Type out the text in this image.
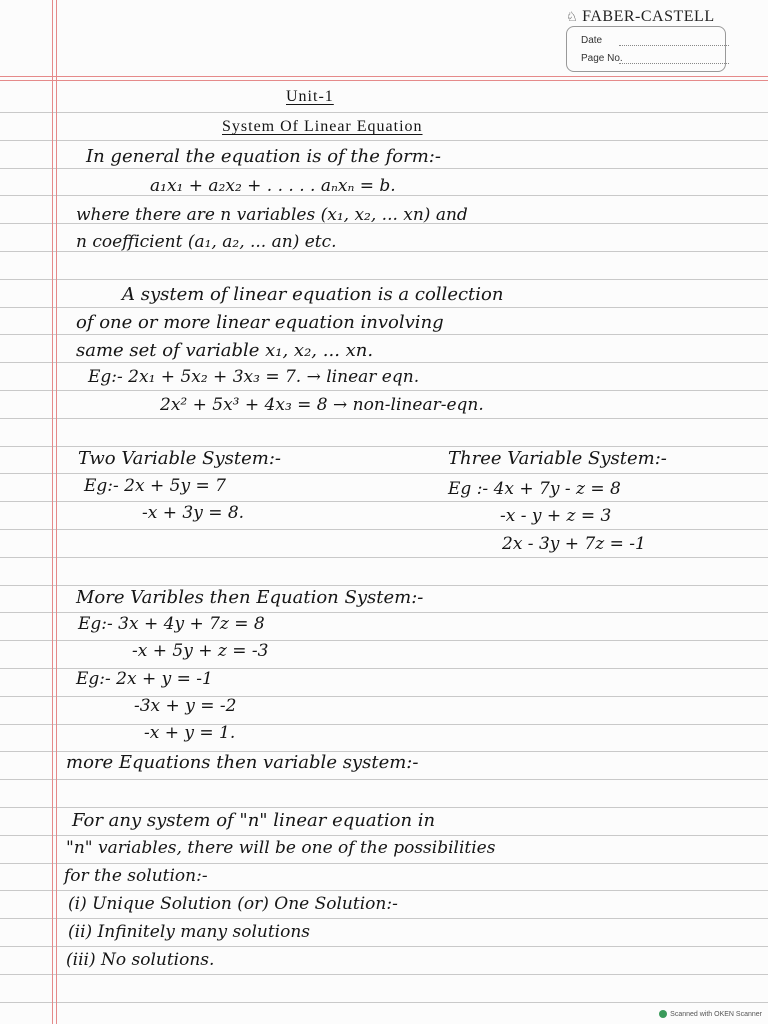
♘ FABER-CASTELL
Date
Page No.
Unit-1
System Of Linear Equation
In general the equation is of the form:-
a₁x₁ + a₂x₂ + . . . . . aₙxₙ = b.
where there are n variables (x₁, x₂, ... xn) and
n coefficient (a₁, a₂, ... an) etc.
A system of linear equation is a collection
of one or more linear equation involving
same set of variable x₁, x₂, ... xn.
Eg:- 2x₁ + 5x₂ + 3x₃ = 7. → linear eqn.
2x² + 5x³ + 4x₃ = 8 → non-linear-eqn.
Two Variable System:-	Three Variable System:-
Eg:- 2x + 5y = 7
-x + 3y = 8.
Eg :- 4x + 7y - z = 8
-x - y + z = 3
2x - 3y + 7z = -1
More Varibles then Equation System:-
Eg:- 3x + 4y + 7z = 8
-x + 5y + z = -3
Eg:- 2x + y = -1
-3x + y = -2
-x + y = 1.
more Equations then variable system:-
For any system of "n" linear equation in
"n" variables, there will be one of the possibilities
for the solution:-
(i) Unique Solution (or) One Solution:-
(ii) Infinitely many solutions
(iii) No solutions.
Scanned with OKEN Scanner
